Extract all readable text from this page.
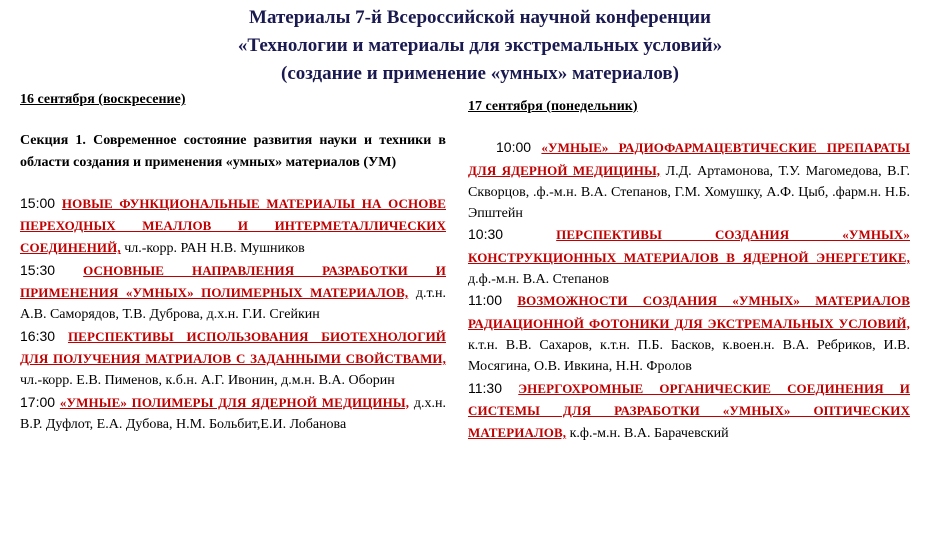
Материалы 7-й Всероссийской научной конференции
«Технологии и материалы для экстремальных условий»
(создание и применение «умных» материалов)
16 сентября (воскресение)
Секция 1. Современное состояние развития науки и техники в области создания и применения «умных» материалов (УМ)
15:00 НОВЫЕ ФУНКЦИОНАЛЬНЫЕ МАТЕРИАЛЫ НА ОСНОВЕ ПЕРЕХОДНЫХ МЕАЛЛОВ И ИНТЕРМЕТАЛЛИЧЕСКИХ СОЕДИНЕНИЙ, чл.-корр. РАН Н.В. Мушников
15:30 ОСНОВНЫЕ НАПРАВЛЕНИЯ РАЗРАБОТКИ И ПРИМЕНЕНИЯ «УМНЫХ» ПОЛИМЕРНЫХ МАТЕРИАЛОВ, д.т.н. А.В. Саморядов, Т.В. Дуброва, д.х.н. Г.И. Сгейкин
16:30 ПЕРСПЕКТИВЫ ИСПОЛЬЗОВАНИЯ БИОТЕХНОЛОГИЙ ДЛЯ ПОЛУЧЕНИЯ МАТРИАЛОВ С ЗАДАННЫМИ СВОЙСТВАМИ, чл.-корр. Е.В. Пименов, к.б.н. А.Г. Ивонин, д.м.н. В.А. Оборин
17:00 «УМНЫЕ» ПОЛИМЕРЫ ДЛЯ ЯДЕРНОЙ МЕДИЦИНЫ, д.х.н. В.Р. Дуфлот, Е.А. Дубова, Н.М. Больбит,Е.И. Лобанова
17 сентября (понедельник)
10:00 «УМНЫЕ» РАДИОФАРМАЦЕВТИЧЕСКИЕ ПРЕПАРАТЫ ДЛЯ ЯДЕРНОЙ МЕДИЦИНЫ, Л.Д. Артамонова, Т.У. Магомедова, В.Г. Скворцов, .ф.-м.н. В.А. Степанов, Г.М. Хомушку, А.Ф. Цыб, .фарм.н. Н.Б. Эпштейн
10:30	ПЕРСПЕКТИВЫ СОЗДАНИЯ «УМНЫХ» КОНСТРУКЦИОННЫХ МАТЕРИАЛОВ В ЯДЕРНОЙ ЭНЕРГЕТИКЕ, д.ф.-м.н. В.А. Степанов
11:00 ВОЗМОЖНОСТИ СОЗДАНИЯ «УМНЫХ» МАТЕРИАЛОВ РАДИАЦИОННОЙ ФОТОНИКИ ДЛЯ ЭКСТРЕМАЛЬНЫХ УСЛОВИЙ, к.т.н. В.В. Сахаров, к.т.н. П.Б. Басков, к.воен.н. В.А. Ребриков, И.В. Мосягина, О.В. Ивкина, Н.Н. Фролов
11:30 ЭНЕРГОХРОМНЫЕ ОРГАНИЧЕСКИЕ СОЕДИНЕНИЯ И СИСТЕМЫ ДЛЯ РАЗРАБОТКИ «УМНЫХ» ОПТИЧЕСКИХ МАТЕРИАЛОВ, к.ф.-м.н. В.А. Барачевский
